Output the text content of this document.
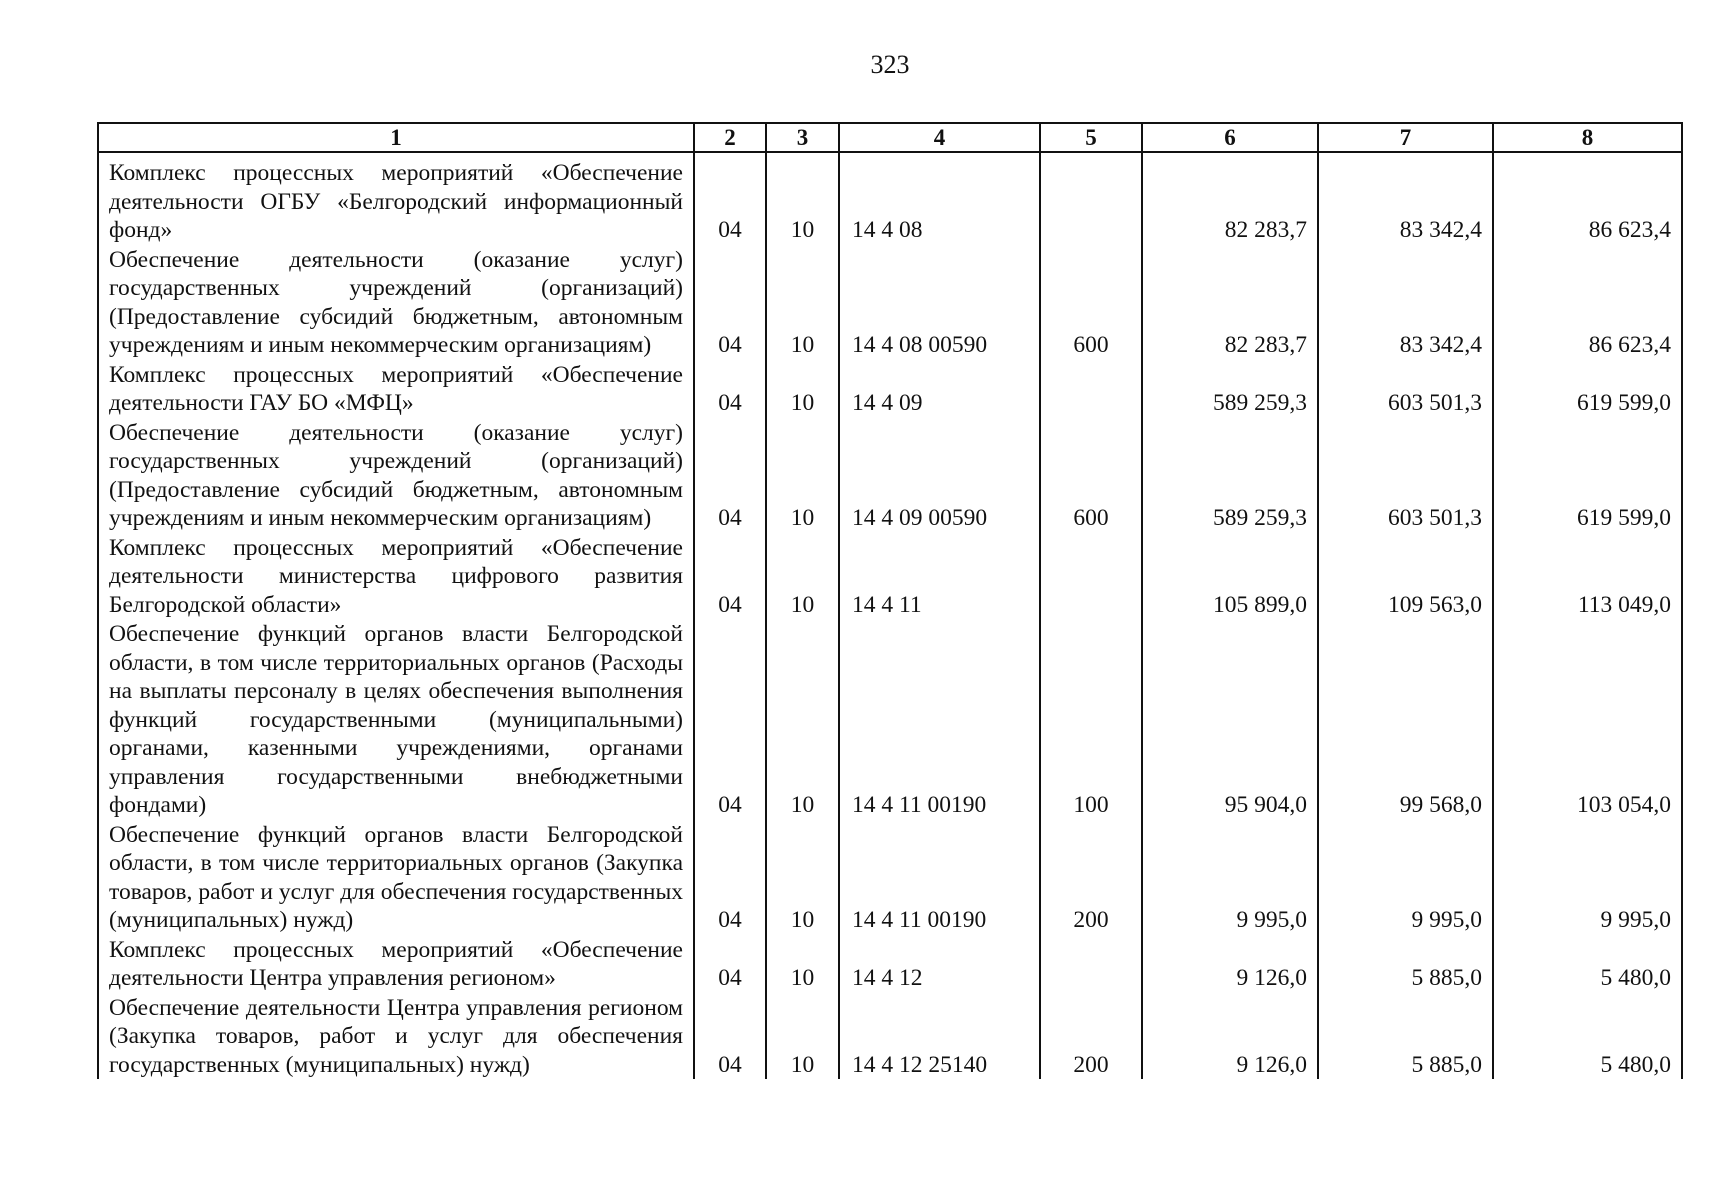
323
1	2	3	4	5	6	7	8
Комплекс процессных мероприятий «Обеспечение деятельности ОГБУ «Белгородский информационный фонд»	04	10	14 4 08		82 283,7	83 342,4	86 623,4
Обеспечение деятельности (оказание услуг) государственных учреждений (организаций) (Предоставление субсидий бюджетным, автономным учреждениям и иным некоммерческим организациям)	04	10	14 4 08 00590	600	82 283,7	83 342,4	86 623,4
Комплекс процессных мероприятий «Обеспечение деятельности ГАУ БО «МФЦ»	04	10	14 4 09		589 259,3	603 501,3	619 599,0
Обеспечение деятельности (оказание услуг) государственных учреждений (организаций) (Предоставление субсидий бюджетным, автономным учреждениям и иным некоммерческим организациям)	04	10	14 4 09 00590	600	589 259,3	603 501,3	619 599,0
Комплекс процессных мероприятий «Обеспечение деятельности министерства цифрового развития Белгородской области»	04	10	14 4 11		105 899,0	109 563,0	113 049,0
Обеспечение функций органов власти Белгородской области, в том числе территориальных органов (Расходы на выплаты персоналу в целях обеспечения выполнения функций государственными (муниципальными) органами, казенными учреждениями, органами управления государственными внебюджетными фондами)	04	10	14 4 11 00190	100	95 904,0	99 568,0	103 054,0
Обеспечение функций органов власти Белгородской области, в том числе территориальных органов (Закупка товаров, работ и услуг для обеспечения государственных (муниципальных) нужд)	04	10	14 4 11 00190	200	9 995,0	9 995,0	9 995,0
Комплекс процессных мероприятий «Обеспечение деятельности Центра управления регионом»	04	10	14 4 12		9 126,0	5 885,0	5 480,0
Обеспечение деятельности Центра управления регионом (Закупка товаров, работ и услуг для обеспечения государственных (муниципальных) нужд)	04	10	14 4 12 25140	200	9 126,0	5 885,0	5 480,0
